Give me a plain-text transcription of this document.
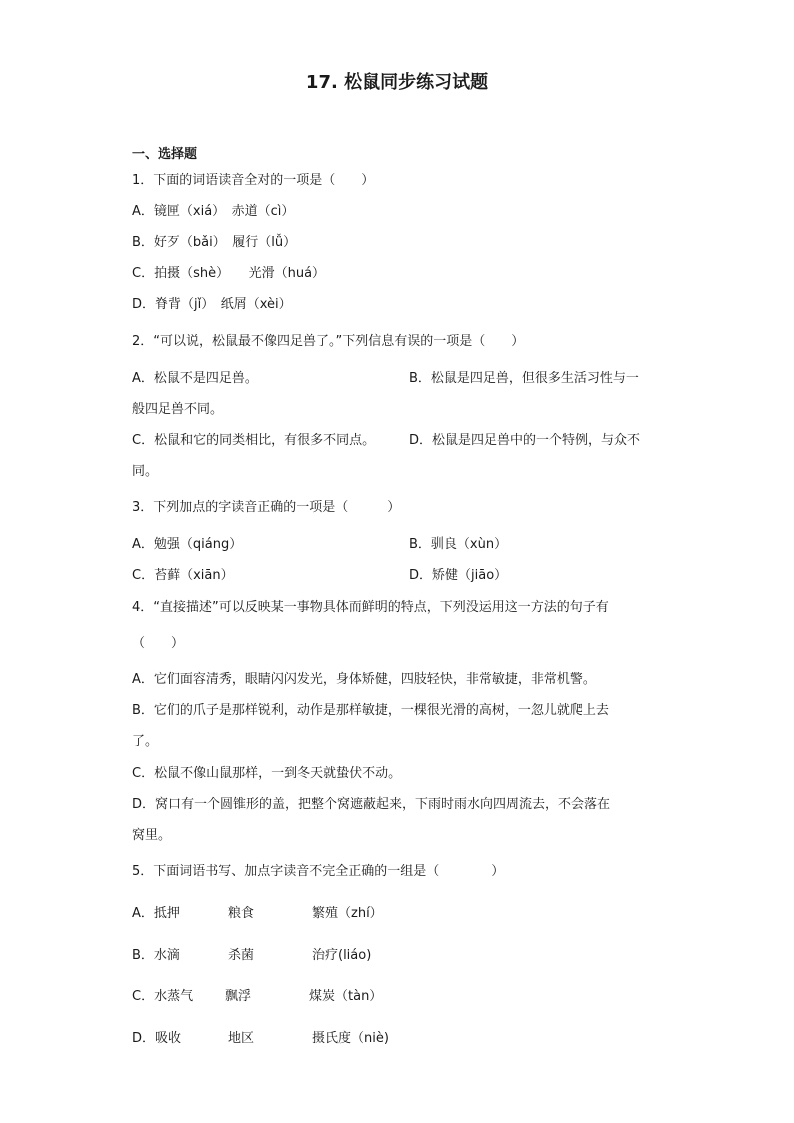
17. 松鼠同步练习试题
一、选择题
1．下面的词语读音全对的一项是（　　）
A．镜匣（xiá）　赤道（cì）
B．好歹（bǎi）　履行（lǚ）
C．拍摄（shè）　　光滑（huá）
D．脊背（jǐ）　纸屑（xèi）
2．“可以说，松鼠最不像四足兽了。”下列信息有误的一项是（　　）
A．松鼠不是四足兽。	B．松鼠是四足兽，但很多生活习性与一
般四足兽不同。
C．松鼠和它的同类相比，有很多不同点。	D．松鼠是四足兽中的一个特例，与众不
同。
3．下列加点的字读音正确的一项是（　　　）
A．勉强（qiáng）	B．驯良（xùn）
C．苔藓（xiān）	D．矫健（jiāo）
4．“直接描述”可以反映某一事物具体而鲜明的特点，下列没运用这一方法的句子有
（　　）
A．它们面容清秀，眼睛闪闪发光，身体矫健，四肢轻快，非常敏捷，非常机警。
B．它们的爪子是那样锐利，动作是那样敏捷，一棵很光滑的高树，一忽儿就爬上去
了。
C．松鼠不像山鼠那样，一到冬天就蛰伏不动。
D．窝口有一个圆锥形的盖，把整个窝遮蔽起来，下雨时雨水向四周流去，不会落在
窝里。
5．下面词语书写、加点字读音不完全正确的一组是（　　　　）
A．抵押	粮食	繁殖（zhí）
B．水滴	杀菌	治疗(liáo)
C．水蒸气 飘浮	煤炭（tàn）
D．吸收	地区	摄氏度（niè)
